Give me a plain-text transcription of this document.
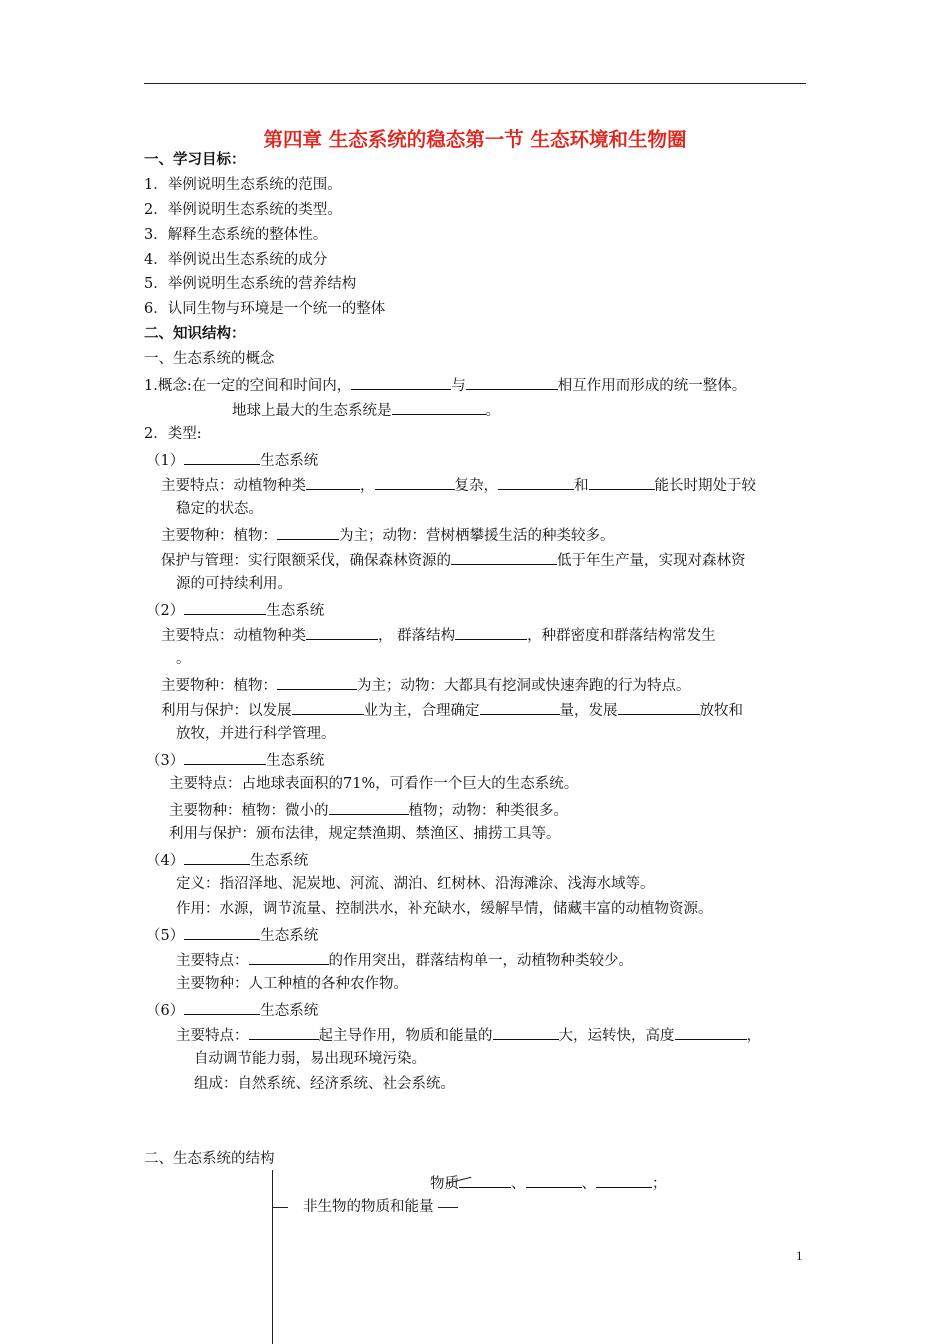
第四章 生态系统的稳态第一节 生态环境和生物圈
一、学习目标：
1．举例说明生态系统的范围。
2．举例说明生态系统的类型。
3．解释生态系统的整体性。
4．举例说出生态系统的成分
5．举例说明生态系统的营养结构
6．认同生物与环境是一个统一的整体
二、知识结构：
一、生态系统的概念
1.概念:在一定的空间和时间内，	与	相互作用而形成的统一整体。
地球上最大的生态系统是	。
2．类型:
（1）	生态系统
主要特点：动植物种类	，	复杂，	和	能长时期处于较
稳定的状态。
主要物种：植物：	为主；动物：营树栖攀援生活的种类较多。
保护与管理：实行限额采伐，确保森林资源的	低于年生产量，实现对森林资
源的可持续利用。
（2）	生态系统
主要特点：动植物种类	， 群落结构	，种群密度和群落结构常发生
。
主要物种：植物：	为主；动物：大都具有挖洞或快速奔跑的行为特点。
利用与保护：以发展	业为主，合理确定	量，发展	放牧和
放牧，并进行科学管理。
（3）	生态系统
主要特点：占地球表面积的71%，可看作一个巨大的生态系统。
主要物种：植物：微小的	植物；动物：种类很多。
利用与保护：颁布法律，规定禁渔期、禁渔区、捕捞工具等。
（4）	生态系统
定义：指沼泽地、泥炭地、河流、湖泊、红树林、沿海滩涂、浅海水域等。
作用：水源，调节流量、控制洪水，补充缺水，缓解旱情，储藏丰富的动植物资源。
（5）	生态系统
主要特点：	的作用突出，群落结构单一，动植物种类较少。
主要物种：人工种植的各种农作物。
（6）	生态系统
主要特点：	起主导作用，物质和能量的	大，运转快，高度	，
自动调节能力弱，易出现环境污染。
组成：自然系统、经济系统、社会系统。
二、生态系统的结构
物质	、	、	；
非生物的物质和能量
1
